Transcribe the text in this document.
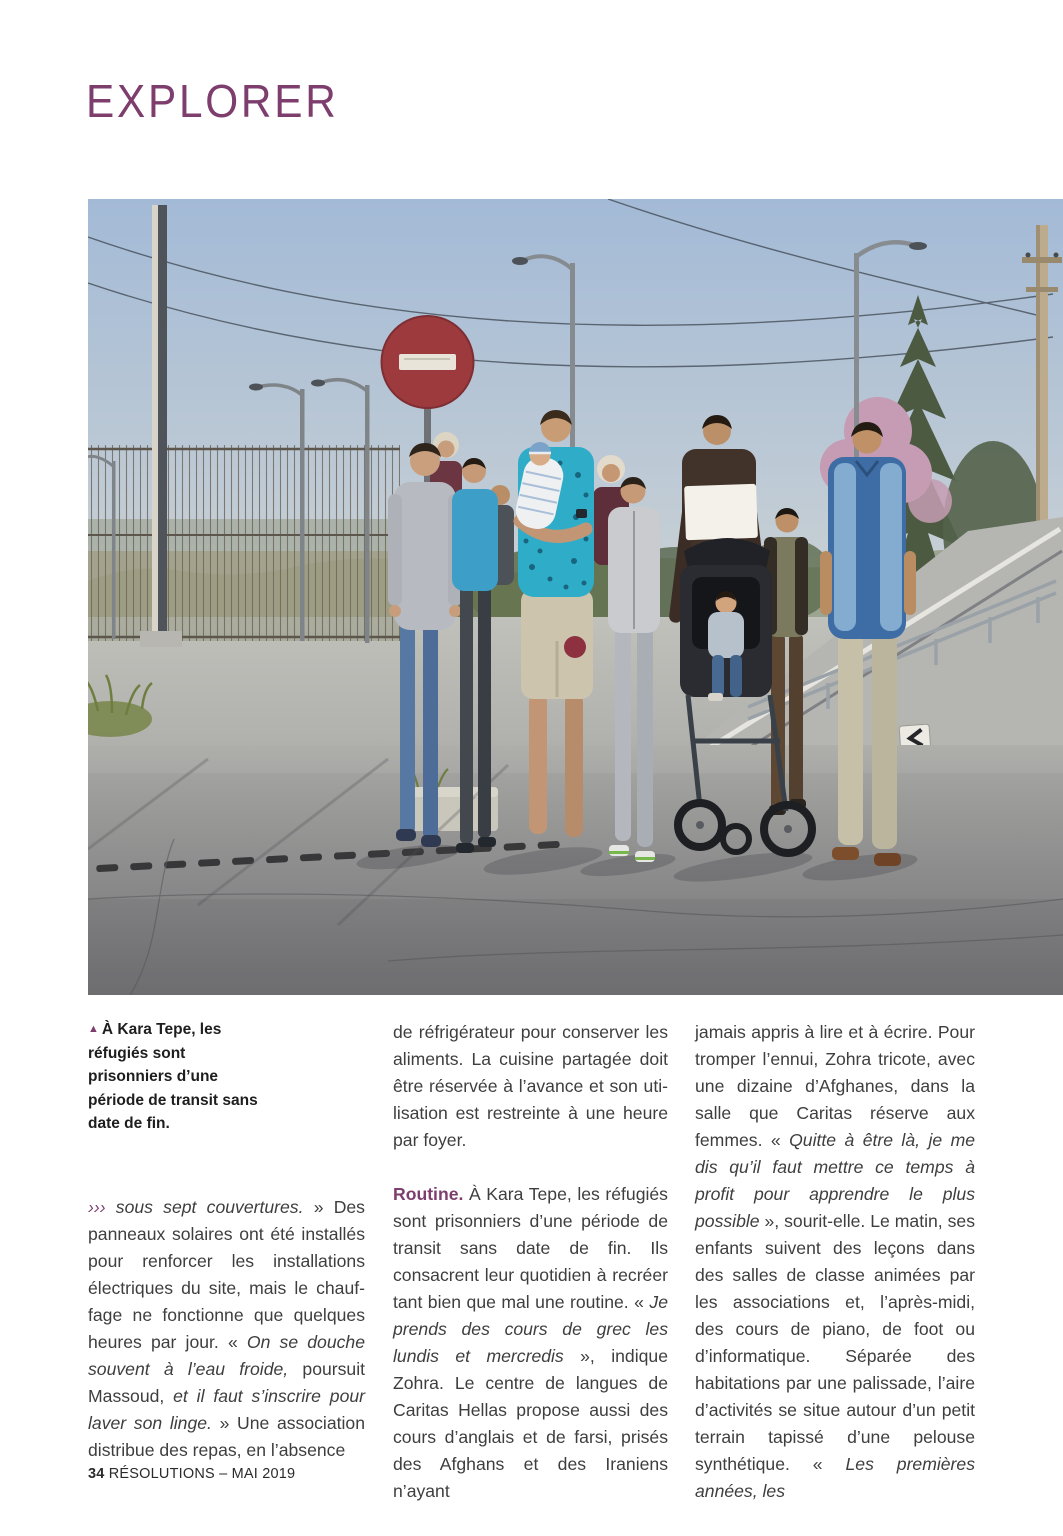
EXPLORER
▲ À Kara Tepe, les réfugiés sont prisonniers d’une période de transit sans date de fin.

››› sous sept couvertures. » Des panneaux solaires ont été installés pour renforcer les installations électriques du site, mais le chauffage ne fonctionne que quelques heures par jour. « On se douche souvent à l’eau froide, poursuit Massoud, et il faut s’inscrire pour laver son linge. » Une association distribue des repas, en l’absence

de réfrigérateur pour conserver les aliments. La cuisine partagée doit être réservée à l’avance et son utilisation est restreinte à une heure par foyer.

Routine. À Kara Tepe, les réfugiés sont prisonniers d’une période de transit sans date de fin. Ils consacrent leur quotidien à recréer tant bien que mal une routine. « Je prends des cours de grec les lundis et mercredis », indique Zohra. Le centre de langues de Caritas Hellas propose aussi des cours d’anglais et de farsi, prisés des Afghans et des Iraniens n’ayant

jamais appris à lire et à écrire. Pour tromper l’ennui, Zohra tricote, avec une dizaine d’Afghanes, dans la salle que Caritas réserve aux femmes. « Quitte à être là, je me dis qu’il faut mettre ce temps à profit pour apprendre le plus possible », sourit-elle. Le matin, ses enfants suivent des leçons dans des salles de classe animées par les associations et, l’après-midi, des cours de piano, de foot ou d’informatique. Séparée des habitations par une palissade, l’aire d’activités se situe autour d’un petit terrain tapissé d’une pelouse synthétique. « Les premières années, les

34 RÉSOLUTIONS – MAI 2019
